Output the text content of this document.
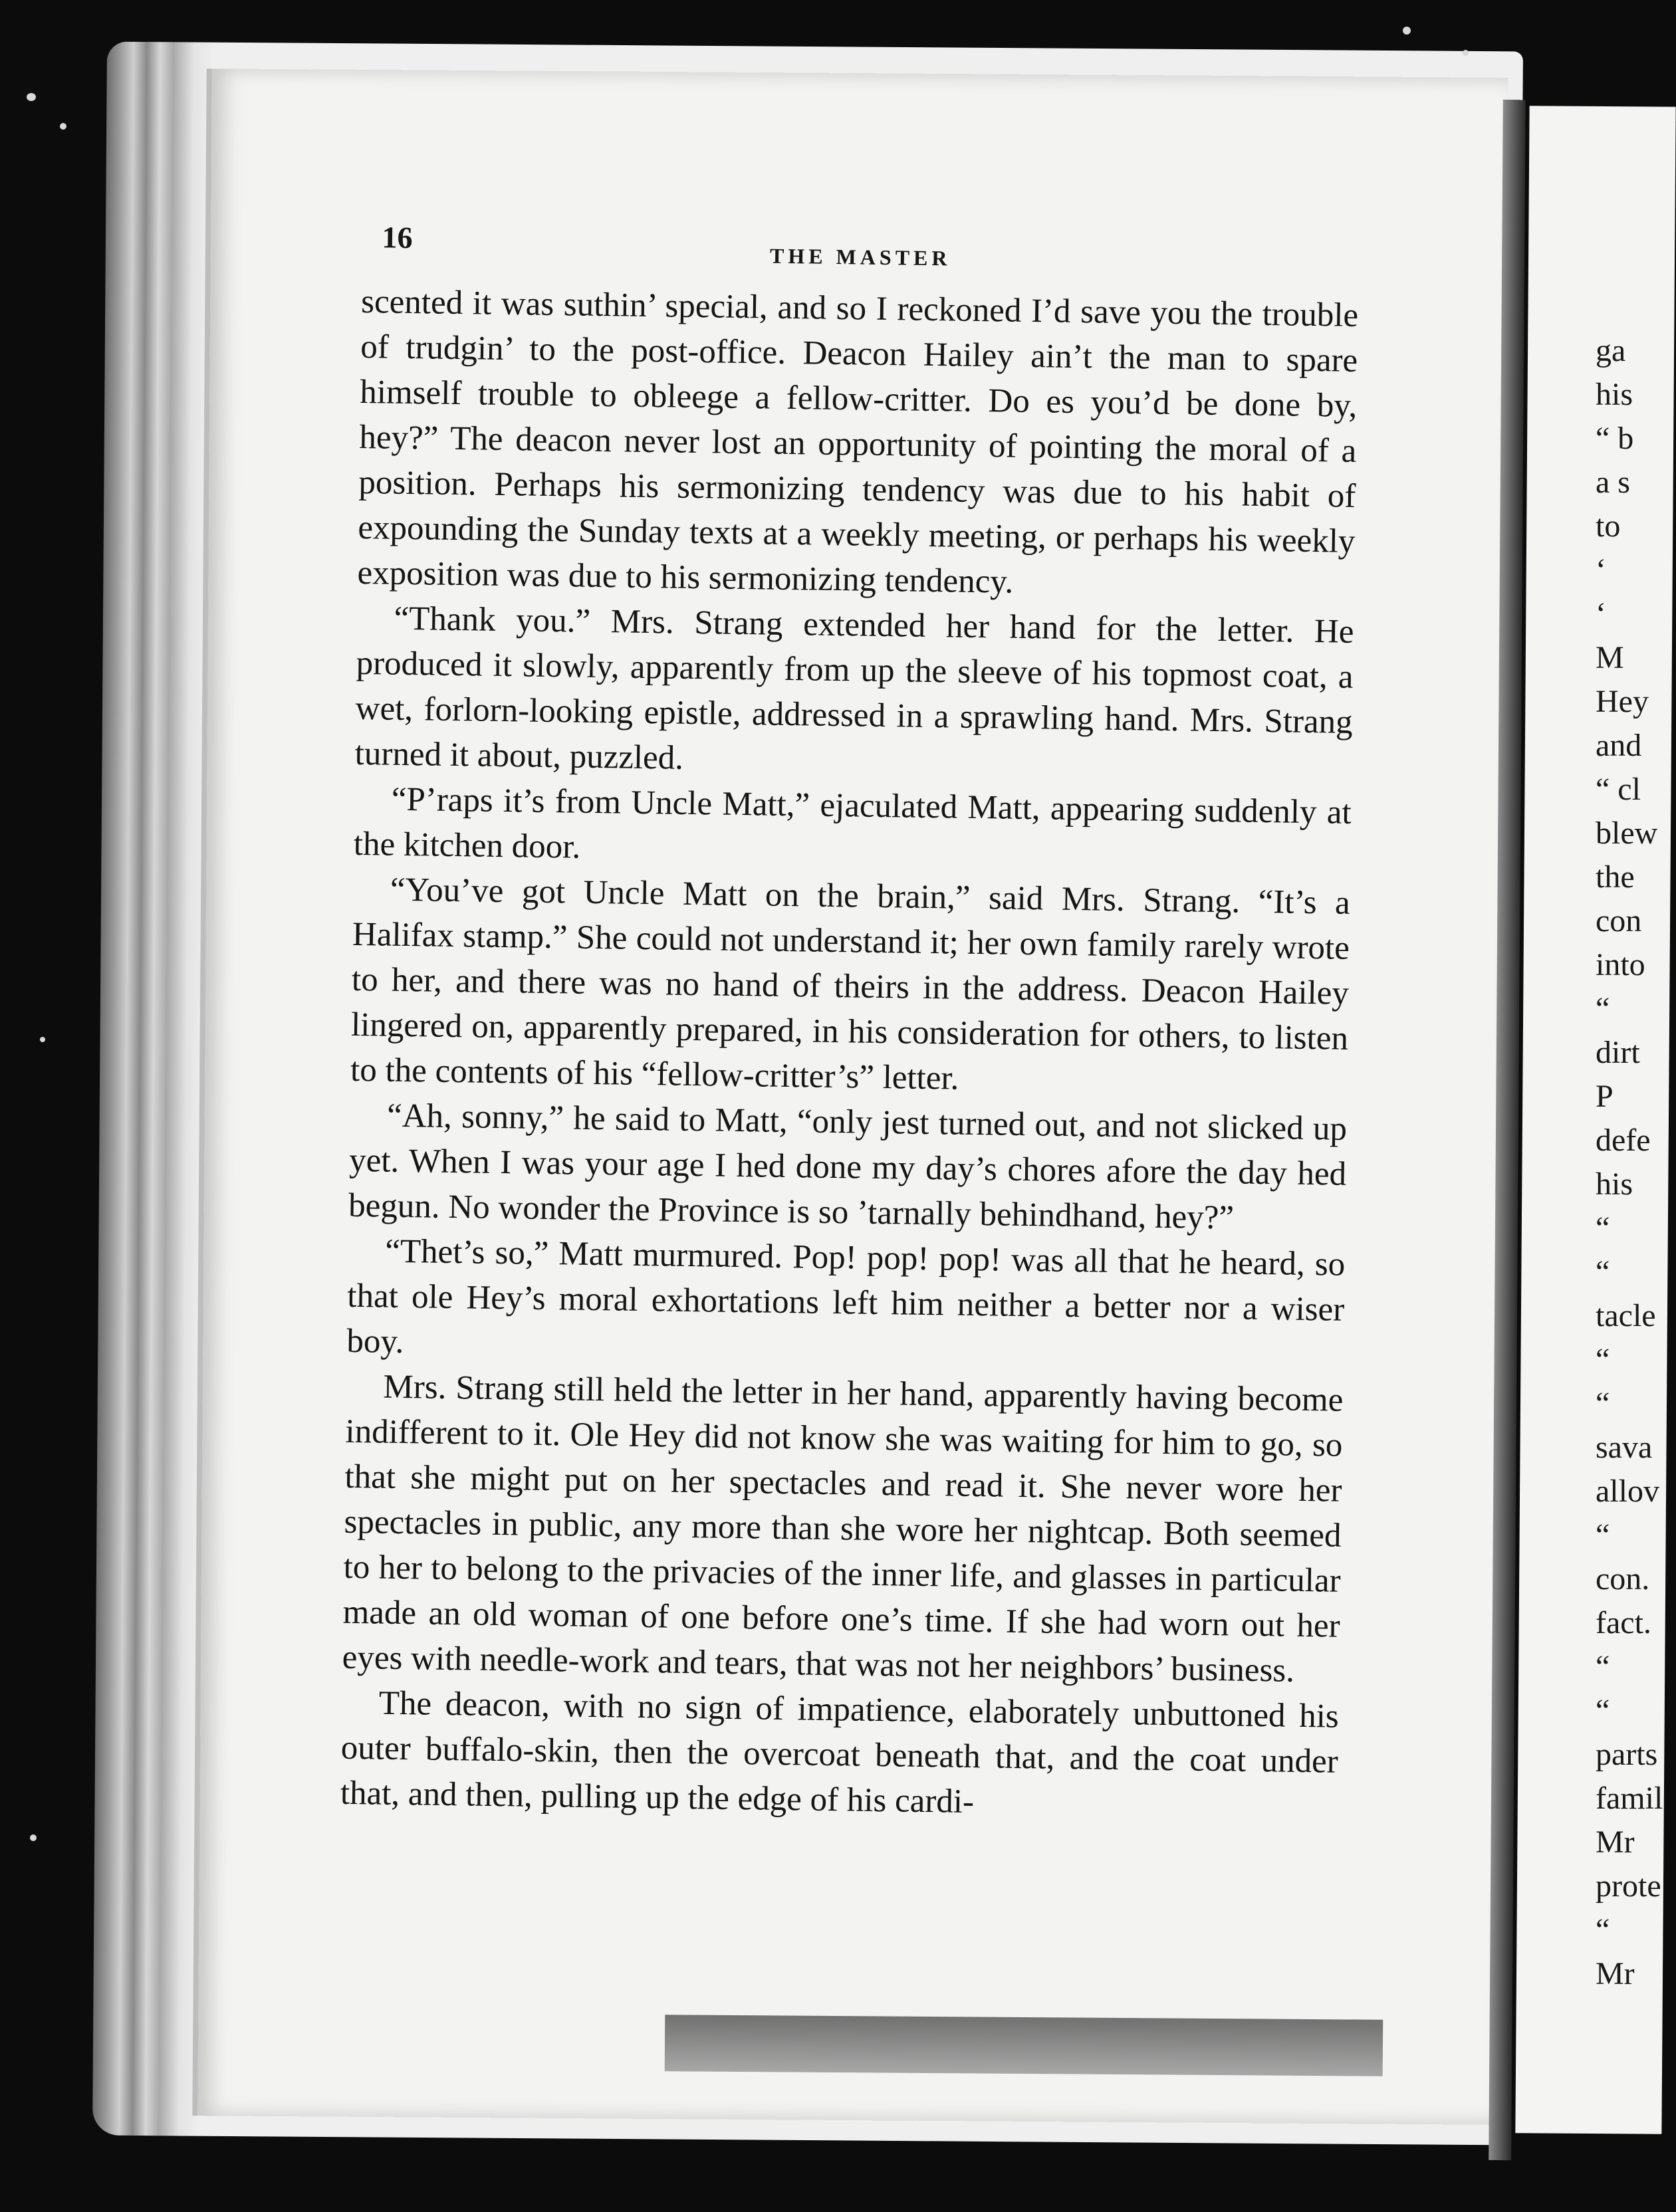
16
THE MASTER

scented it was suthin’ special, and so I reckoned I’d save you the trouble of trudgin’ to the post-office. Deacon Hailey ain’t the man to spare himself trouble to obleege a fellow-critter. Do es you’d be done by, hey?” The deacon never lost an opportunity of pointing the moral of a position. Perhaps his sermonizing tendency was due to his habit of expounding the Sunday texts at a weekly meeting, or perhaps his weekly exposition was due to his sermonizing tendency.

“Thank you.” Mrs. Strang extended her hand for the letter. He produced it slowly, apparently from up the sleeve of his topmost coat, a wet, forlorn-looking epistle, addressed in a sprawling hand. Mrs. Strang turned it about, puzzled.

“P’raps it’s from Uncle Matt,” ejaculated Matt, appearing suddenly at the kitchen door.

“You’ve got Uncle Matt on the brain,” said Mrs. Strang. “It’s a Halifax stamp.” She could not understand it; her own family rarely wrote to her, and there was no hand of theirs in the address. Deacon Hailey lingered on, apparently prepared, in his consideration for others, to listen to the contents of his “fellow-critter’s” letter.

“Ah, sonny,” he said to Matt, “only jest turned out, and not slicked up yet. When I was your age I hed done my day’s chores afore the day hed begun. No wonder the Province is so ’tarnally behindhand, hey?”

“Thet’s so,” Matt murmured. Pop! pop! pop! was all that he heard, so that ole Hey’s moral exhortations left him neither a better nor a wiser boy.

Mrs. Strang still held the letter in her hand, apparently having become indifferent to it. Ole Hey did not know she was waiting for him to go, so that she might put on her spectacles and read it. She never wore her spectacles in public, any more than she wore her nightcap. Both seemed to her to belong to the privacies of the inner life, and glasses in particular made an old woman of one before one’s time. If she had worn out her eyes with needle-work and tears, that was not her neighbors’ business.

The deacon, with no sign of impatience, elaborately unbuttoned his outer buffalo-skin, then the overcoat beneath that, and the coat under that, and then, pulling up the edge of his cardi-

ga
his
“ b
a s
to
‘
‘
M
Hey
and
“ cl
blew
the
con
into
“
dirt
P
defe
his
“
“
tacle
“
“
sava
allov
“
con.
fact.
“
“
parts
famil
Mr
prote
“
Mr
